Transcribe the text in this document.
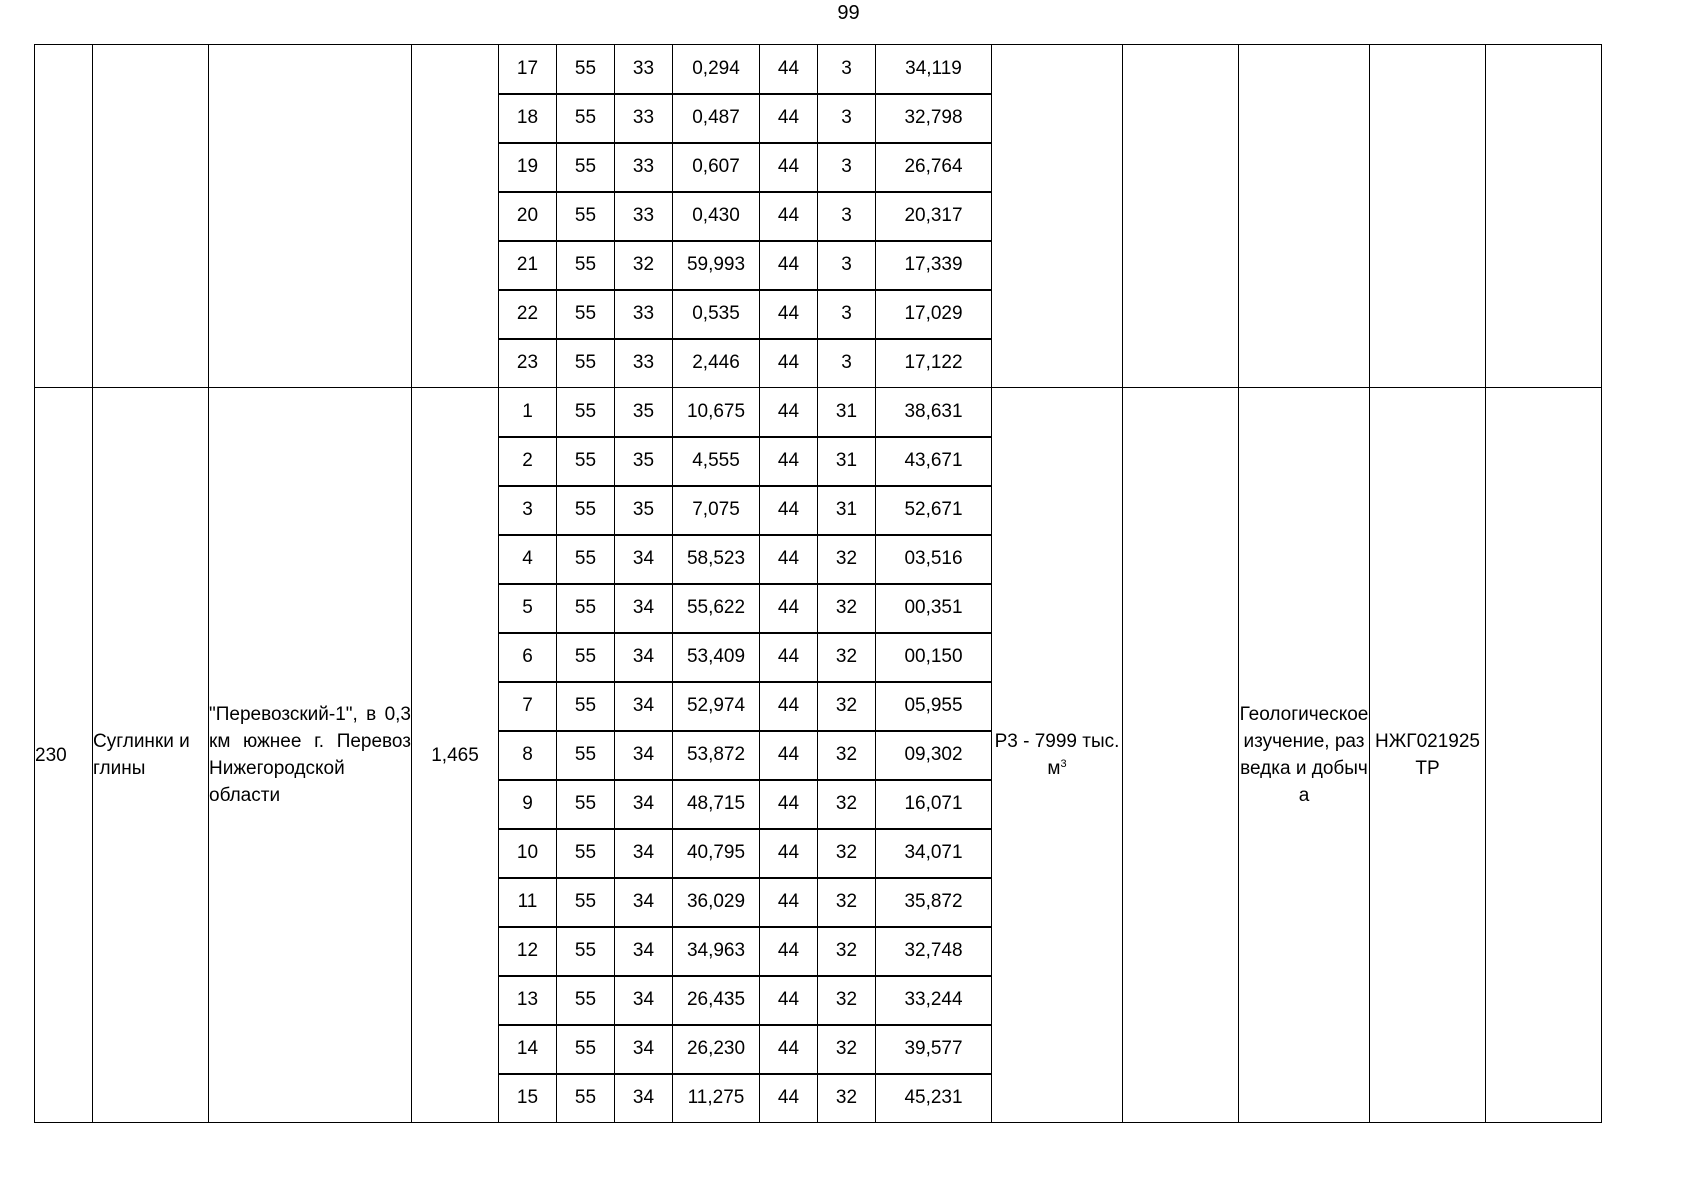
99
				17	55	33	0,294	44	3	34,119					
				18	55	33	0,487	44	3	32,798					
				19	55	33	0,607	44	3	26,764					
				20	55	33	0,430	44	3	20,317					
				21	55	32	59,993	44	3	17,339					
				22	55	33	0,535	44	3	17,029					
				23	55	33	2,446	44	3	17,122					
230	Суглинки и глины	"Перевозский-1", в 0,3 км южнее г. Перевоз Нижегородской области	1,465	1	55	35	10,675	44	31	38,631	Р3 - 7999 тыс. $м^3$		Геологическое изучение, разведка и добыча	НЖГ021925ТР	
				2	55	35	4,555	44	31	43,671					
				3	55	35	7,075	44	31	52,671					
				4	55	34	58,523	44	32	03,516					
				5	55	34	55,622	44	32	00,351					
				6	55	34	53,409	44	32	00,150					
				7	55	34	52,974	44	32	05,955					
				8	55	34	53,872	44	32	09,302					
				9	55	34	48,715	44	32	16,071					
				10	55	34	40,795	44	32	34,071					
				11	55	34	36,029	44	32	35,872					
				12	55	34	34,963	44	32	32,748					
				13	55	34	26,435	44	32	33,244					
				14	55	34	26,230	44	32	39,577					
				15	55	34	11,275	44	32	45,231					
